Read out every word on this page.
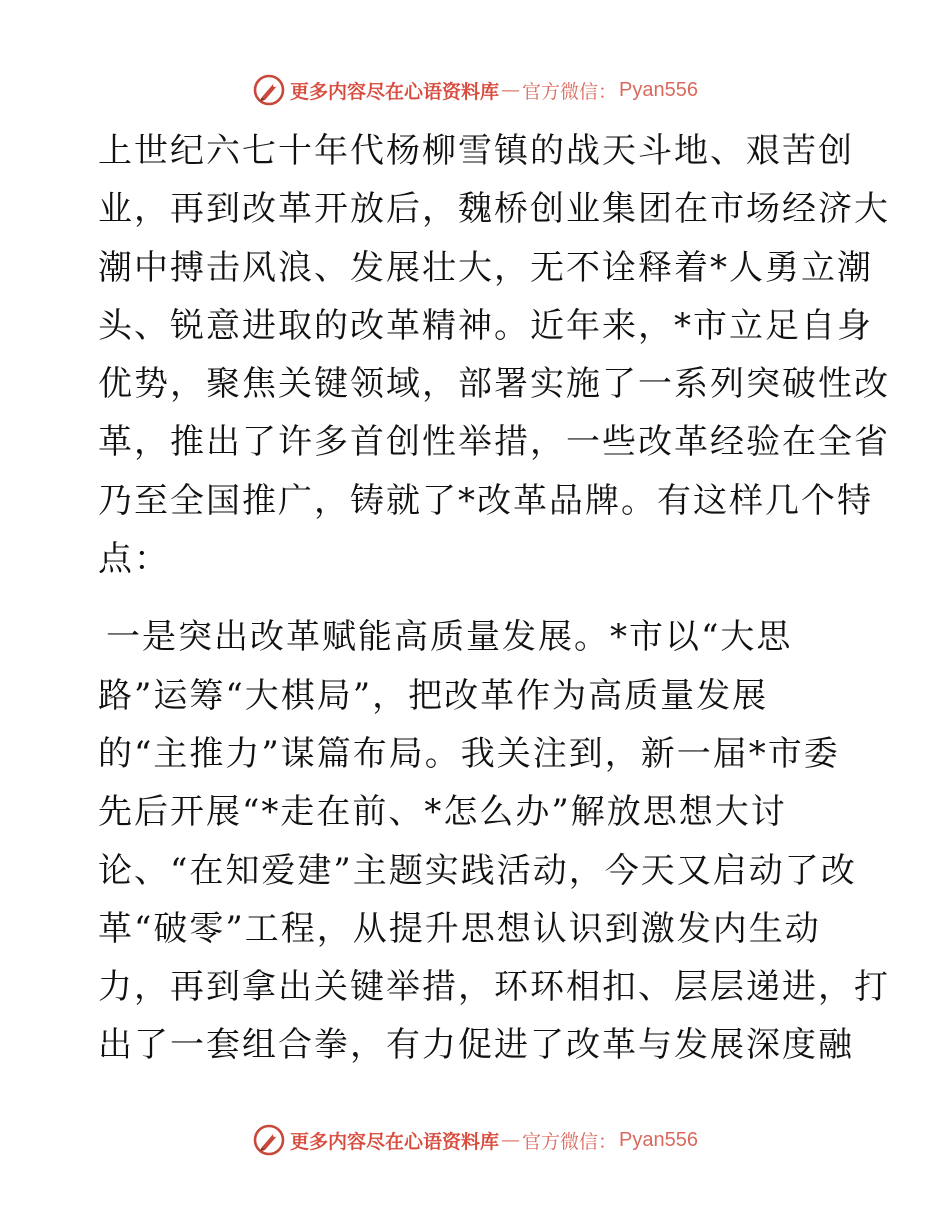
更多内容尽在心语资料库 — 官方微信： Pyan556
上世纪六七十年代杨柳雪镇的战天斗地、艰苦创
业，再到改革开放后，魏桥创业集团在市场经济大
潮中搏击风浪、发展壮大，无不诠释着*人勇立潮
头、锐意进取的改革精神。近年来，*市立足自身
优势，聚焦关键领域，部署实施了一系列突破性改
革，推出了许多首创性举措，一些改革经验在全省
乃至全国推广，铸就了*改革品牌。有这样几个特
点：
一是突出改革赋能高质量发展。*市以“大思
路”运筹“大棋局”，把改革作为高质量发展
的“主推力”谋篇布局。我关注到，新一届*市委
先后开展“*走在前、*怎么办”解放思想大讨
论、“在知爱建”主题实践活动，今天又启动了改
革“破零”工程，从提升思想认识到激发内生动
力，再到拿出关键举措，环环相扣、层层递进，打
出了一套组合拳，有力促进了改革与发展深度融
更多内容尽在心语资料库 — 官方微信： Pyan556
